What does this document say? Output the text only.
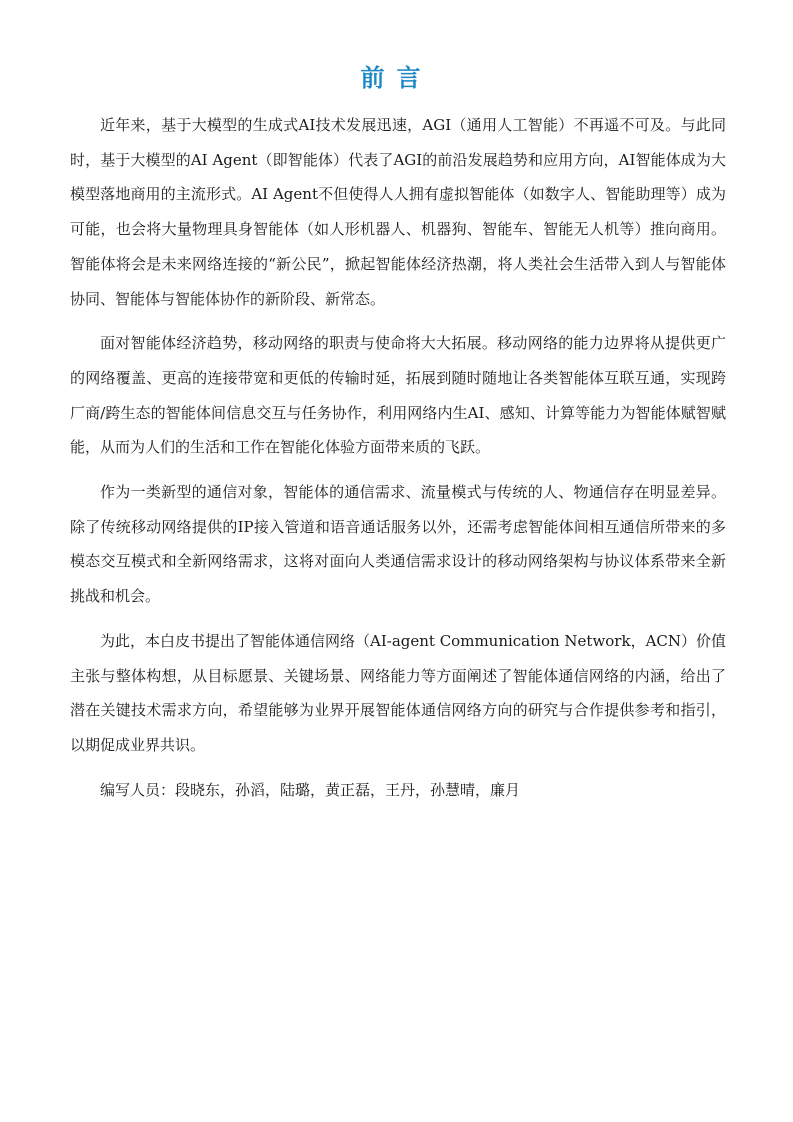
前言

近年来，基于大模型的生成式AI技术发展迅速，AGI（通用人工智能）不再遥不可及。与此同时，基于大模型的AI Agent（即智能体）代表了AGI的前沿发展趋势和应用方向，AI智能体成为大模型落地商用的主流形式。AI Agent不但使得人人拥有虚拟智能体（如数字人、智能助理等）成为可能，也会将大量物理具身智能体（如人形机器人、机器狗、智能车、智能无人机等）推向商用。智能体将会是未来网络连接的“新公民”，掀起智能体经济热潮，将人类社会生活带入到人与智能体协同、智能体与智能体协作的新阶段、新常态。

面对智能体经济趋势，移动网络的职责与使命将大大拓展。移动网络的能力边界将从提供更广的网络覆盖、更高的连接带宽和更低的传输时延，拓展到随时随地让各类智能体互联互通，实现跨厂商/跨生态的智能体间信息交互与任务协作，利用网络内生AI、感知、计算等能力为智能体赋智赋能，从而为人们的生活和工作在智能化体验方面带来质的飞跃。

作为一类新型的通信对象，智能体的通信需求、流量模式与传统的人、物通信存在明显差异。除了传统移动网络提供的IP接入管道和语音通话服务以外，还需考虑智能体间相互通信所带来的多模态交互模式和全新网络需求，这将对面向人类通信需求设计的移动网络架构与协议体系带来全新挑战和机会。

为此，本白皮书提出了智能体通信网络（AI-agent Communication Network，ACN）价值主张与整体构想，从目标愿景、关键场景、网络能力等方面阐述了智能体通信网络的内涵，给出了潜在关键技术需求方向，希望能够为业界开展智能体通信网络方向的研究与合作提供参考和指引，以期促成业界共识。

编写人员：段晓东，孙滔，陆璐，黄正磊，王丹，孙慧晴，廉月
